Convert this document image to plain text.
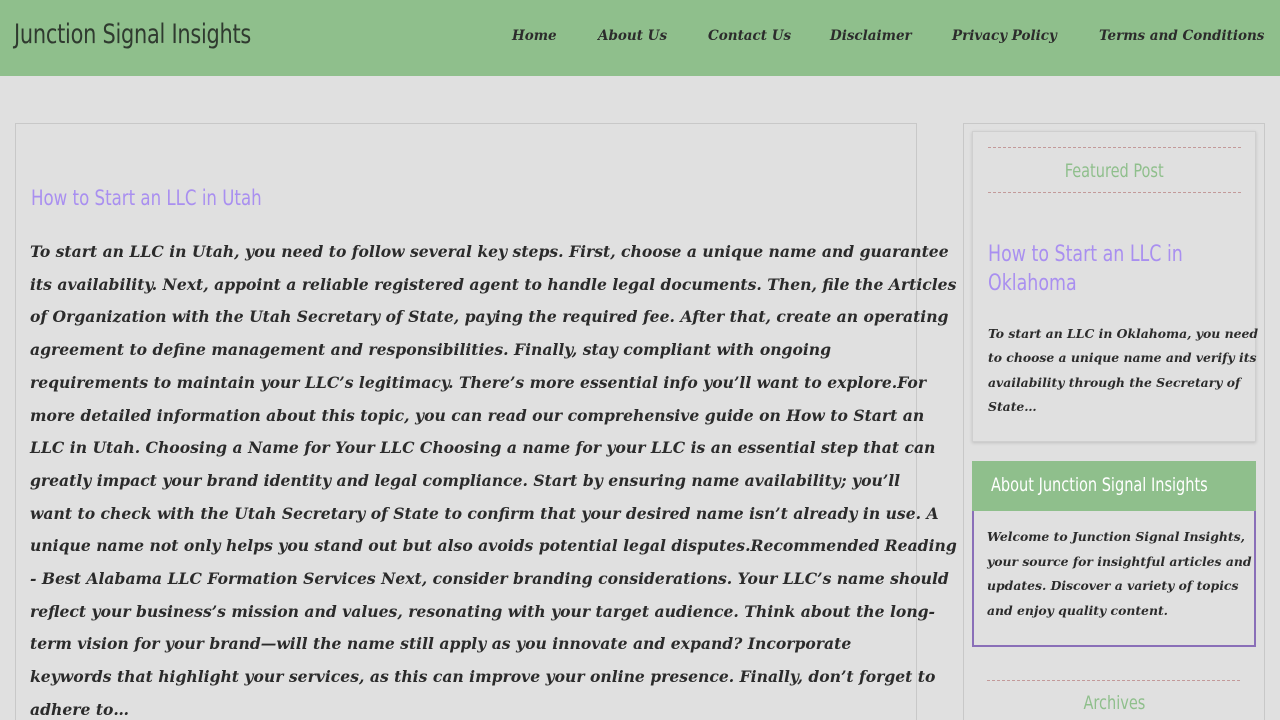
Junction Signal Insights	Home	About Us	Contact Us	Disclaimer	Privacy Policy	Terms and Conditions
How to Start an LLC in Utah
To start an LLC in Utah, you need to follow several key steps. First, choose a unique name and guarantee
its availability. Next, appoint a reliable registered agent to handle legal documents. Then, file the Articles
of Organization with the Utah Secretary of State, paying the required fee. After that, create an operating
agreement to define management and responsibilities. Finally, stay compliant with ongoing
requirements to maintain your LLC’s legitimacy. There’s more essential info you’ll want to explore.For
more detailed information about this topic, you can read our comprehensive guide on How to Start an
LLC in Utah. Choosing a Name for Your LLC Choosing a name for your LLC is an essential step that can
greatly impact your brand identity and legal compliance. Start by ensuring name availability; you’ll
want to check with the Utah Secretary of State to confirm that your desired name isn’t already in use. A
unique name not only helps you stand out but also avoids potential legal disputes.Recommended Reading
- Best Alabama LLC Formation Services Next, consider branding considerations. Your LLC’s name should
reflect your business’s mission and values, resonating with your target audience. Think about the long-
term vision for your brand—will the name still apply as you innovate and expand? Incorporate
keywords that highlight your services, as this can improve your online presence. Finally, don’t forget to
adhere to…
Featured Post
How to Start an LLC in
Oklahoma
To start an LLC in Oklahoma, you need
to choose a unique name and verify its
availability through the Secretary of
State…
About Junction Signal Insights
Welcome to Junction Signal Insights,
your source for insightful articles and
updates. Discover a variety of topics
and enjoy quality content.
Archives
